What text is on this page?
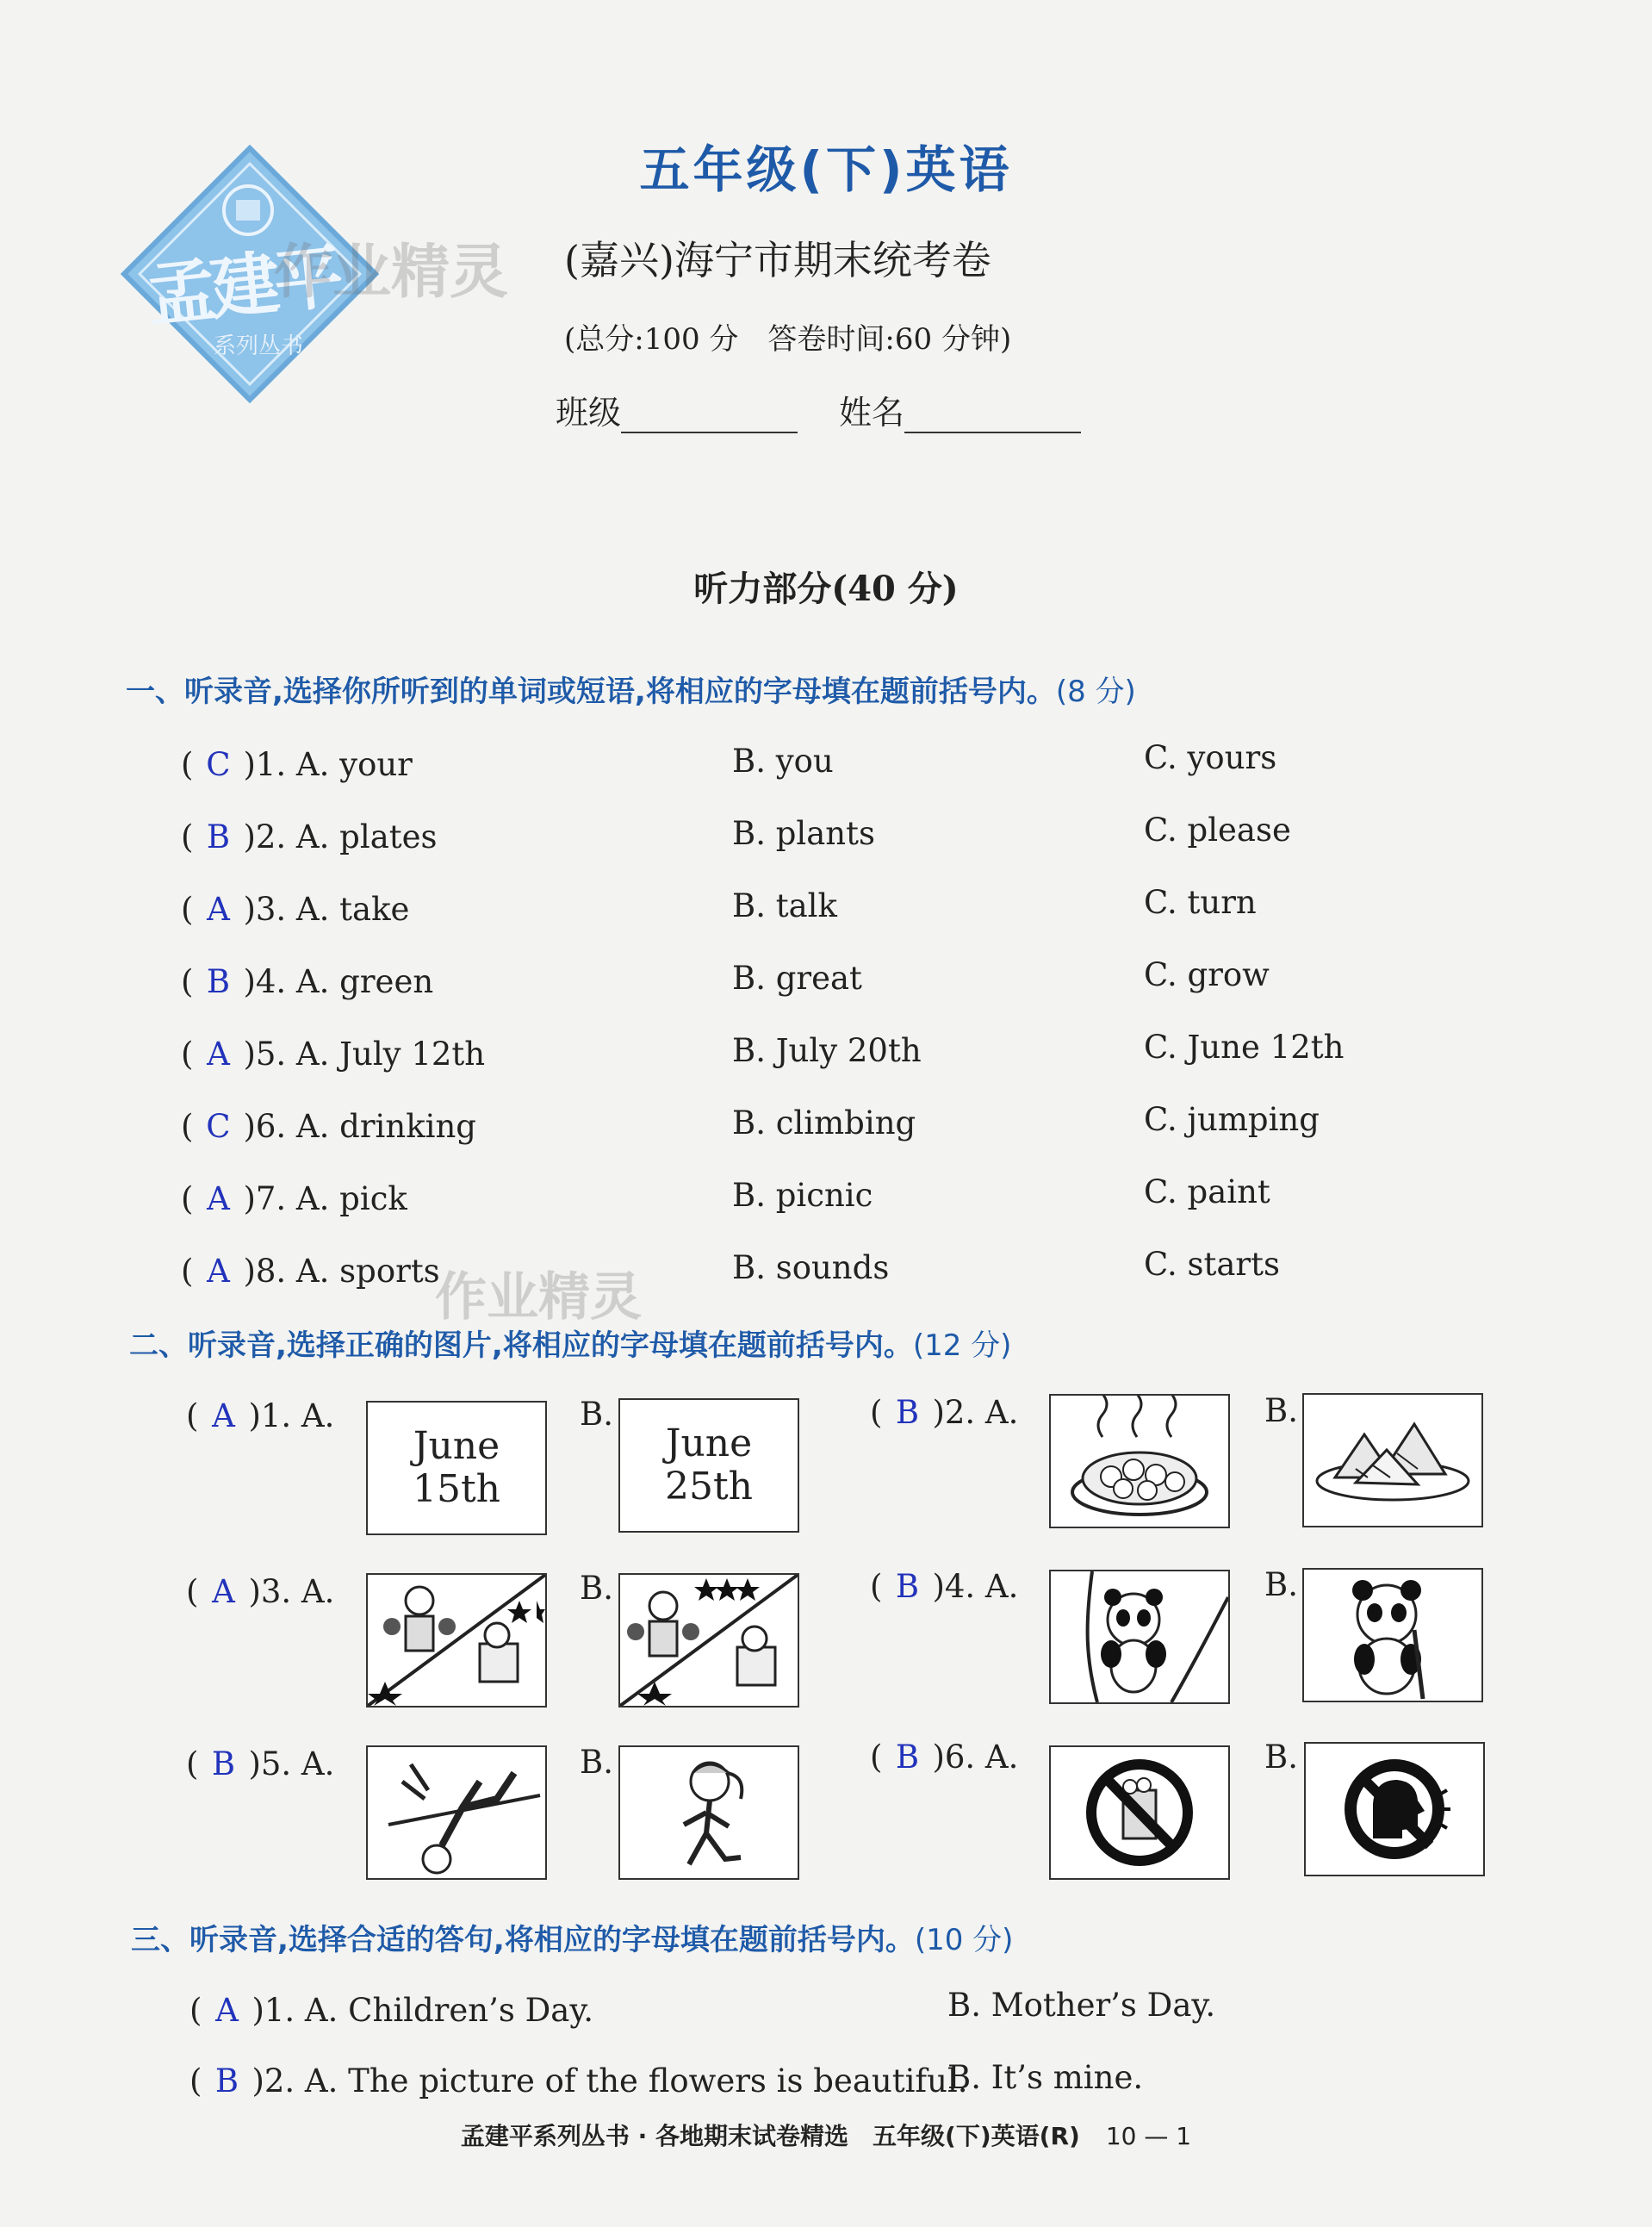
孟建平
系列丛书
作业精灵
五年级(下)英语
(嘉兴)海宁市期末统考卷
(总分:100 分　答卷时间:60 分钟)
班级	姓名
听力部分(40 分)
一、听录音,选择你所听到的单词或短语,将相应的字母填在题前括号内。(8 分)
( C )1. A. your	B. you	C. yours
( B )2. A. plates	B. plants	C. please
( A )3. A. take	B. talk	C. turn
( B )4. A. green	B. great	C. grow
( A )5. A. July 12th	B. July 20th	C. June 12th
( C )6. A. drinking	B. climbing	C. jumping
( A )7. A. pick	B. picnic	C. paint
( A )8. A. sports	B. sounds	C. starts
作业精灵
二、听录音,选择正确的图片,将相应的字母填在题前括号内。(12 分)
( A )1. A.
June
15th
B.
June
25th
( B )2. A.	B.
( A )3. A.	B.	( B )4. A.	B.
( B )5. A.	B.	( B )6. A.	B.
三、听录音,选择合适的答句,将相应的字母填在题前括号内。(10 分)
( A )1. A. Children’s Day.	B. Mother’s Day.
( B )2. A. The picture of the flowers is beautiful.
B. It’s mine.
孟建平系列丛书 · 各地期末试卷精选　五年级(下)英语(R) 10 — 1
